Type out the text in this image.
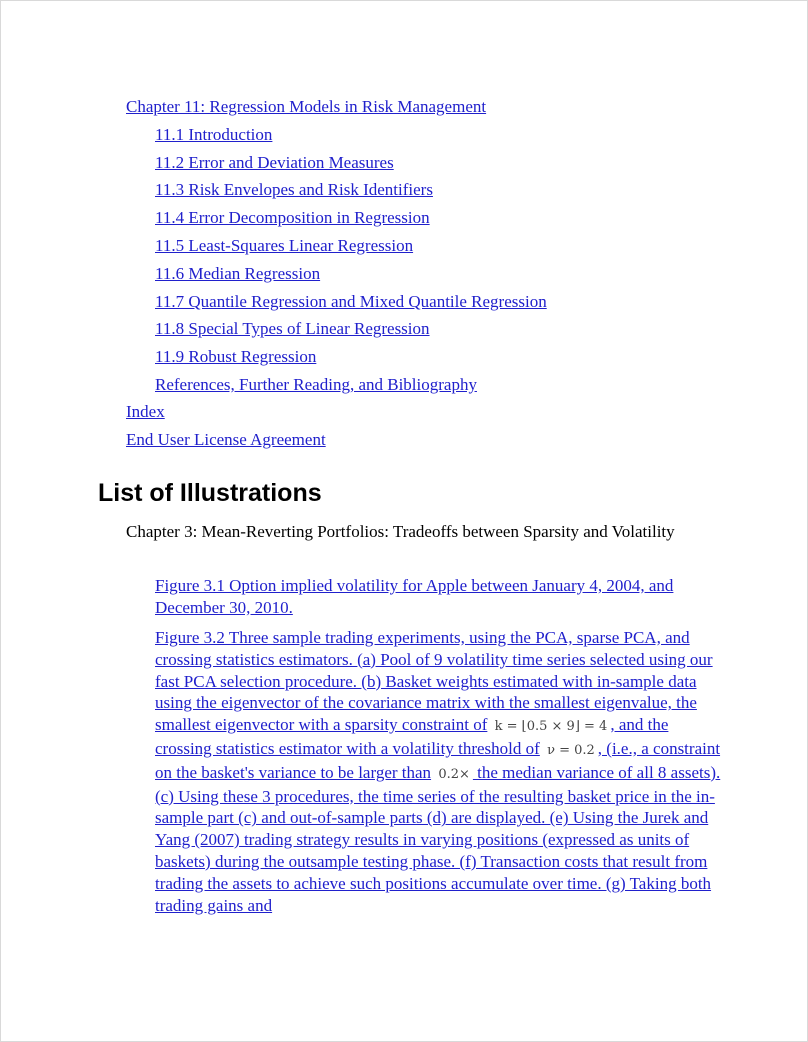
Chapter 11: Regression Models in Risk Management
11.1 Introduction
11.2 Error and Deviation Measures
11.3 Risk Envelopes and Risk Identifiers
11.4 Error Decomposition in Regression
11.5 Least-Squares Linear Regression
11.6 Median Regression
11.7 Quantile Regression and Mixed Quantile Regression
11.8 Special Types of Linear Regression
11.9 Robust Regression
References, Further Reading, and Bibliography
Index
End User License Agreement
List of Illustrations

Chapter 3: Mean-Reverting Portfolios: Tradeoffs between Sparsity and Volatility

Figure 3.1 Option implied volatility for Apple between January 4, 2004, and December 30, 2010.

Figure 3.2 Three sample trading experiments, using the PCA, sparse PCA, and crossing statistics estimators. (a) Pool of 9 volatility time series selected using our fast PCA selection procedure. (b) Basket weights estimated with in-sample data using the eigenvector of the covariance matrix with the smallest eigenvalue, the smallest eigenvector with a sparsity constraint of k = ⌊0.5 × 9⌋ = 4 , and the crossing statistics estimator with a volatility threshold of ν = 0.2 , (i.e., a constraint on the basket's variance to be larger than 0.2× the median variance of all 8 assets). (c) Using these 3 procedures, the time series of the resulting basket price in the in-sample part (c) and out-of-sample parts (d) are displayed. (e) Using the Jurek and Yang (2007) trading strategy results in varying positions (expressed as units of baskets) during the outsample testing phase. (f) Transaction costs that result from trading the assets to achieve such positions accumulate over time. (g) Taking both trading gains and
